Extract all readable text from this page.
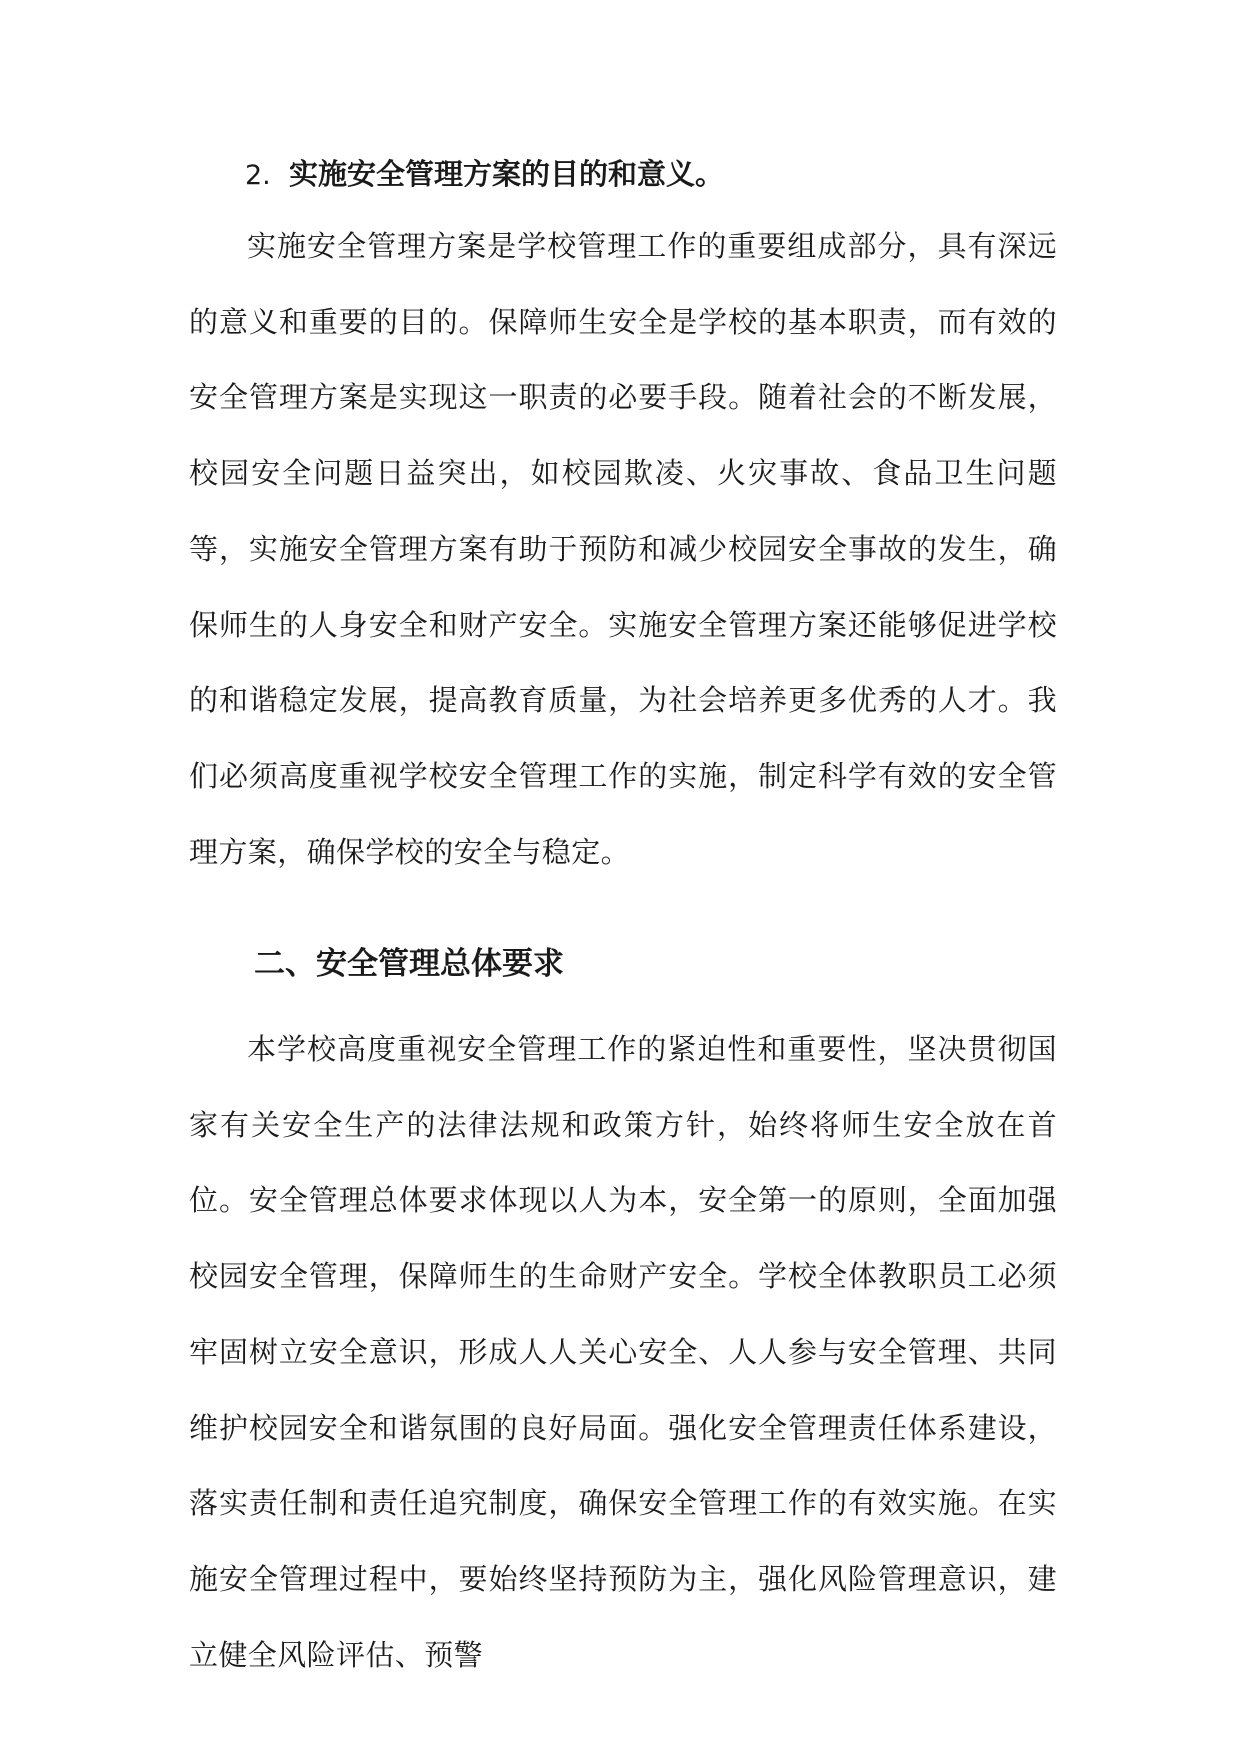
2. 实施安全管理方案的目的和意义。

实施安全管理方案是学校管理工作的重要组成部分，具有深远的意义和重要的目的。保障师生安全是学校的基本职责，而有效的安全管理方案是实现这一职责的必要手段。随着社会的不断发展，校园安全问题日益突出，如校园欺凌、火灾事故、食品卫生问题等，实施安全管理方案有助于预防和减少校园安全事故的发生，确保师生的人身安全和财产安全。实施安全管理方案还能够促进学校的和谐稳定发展，提高教育质量，为社会培养更多优秀的人才。我们必须高度重视学校安全管理工作的实施，制定科学有效的安全管理方案，确保学校的安全与稳定。

二、安全管理总体要求

本学校高度重视安全管理工作的紧迫性和重要性，坚决贯彻国家有关安全生产的法律法规和政策方针，始终将师生安全放在首位。安全管理总体要求体现以人为本，安全第一的原则，全面加强校园安全管理，保障师生的生命财产安全。学校全体教职员工必须牢固树立安全意识，形成人人关心安全、人人参与安全管理、共同维护校园安全和谐氛围的良好局面。强化安全管理责任体系建设，落实责任制和责任追究制度，确保安全管理工作的有效实施。在实施安全管理过程中，要始终坚持预防为主，强化风险管理意识，建立健全风险评估、预警
